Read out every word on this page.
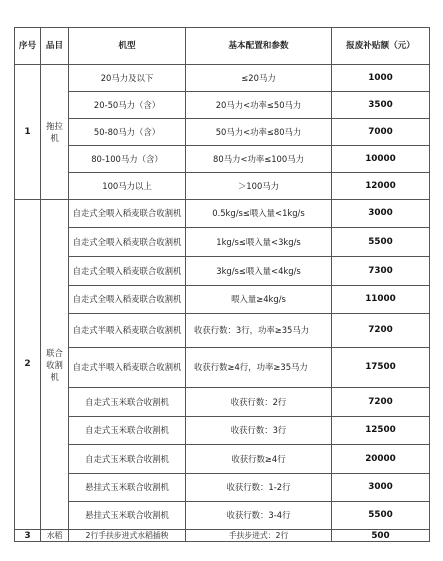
序号	品目	机型	基本配置和参数	报废补贴额（元）
1	拖拉机	20马力及以下	≤20马力	1000
		20-50马力（含）	20马力<功率≤50马力	3500
		50-80马力（含）	50马力<功率≤80马力	7000
		80-100马力（含）	80马力<功率≤100马力	10000
		100马力以上	＞100马力	12000
2	联合收割机	自走式全喂入稻麦联合收割机	0.5kg/s≤喂入量<1kg/s	3000
		自走式全喂入稻麦联合收割机	1kg/s≤喂入量<3kg/s	5500
		自走式全喂入稻麦联合收割机	3kg/s≤喂入量<4kg/s	7300
		自走式全喂入稻麦联合收割机	喂入量≥4kg/s	11000
		自走式半喂入稻麦联合收割机	收获行数：3行，功率≥35马力	7200
		自走式半喂入稻麦联合收割机	收获行数≥4行，功率≥35马力	17500
		自走式玉米联合收割机	收获行数：2行	7200
		自走式玉米联合收割机	收获行数：3行	12500
		自走式玉米联合收割机	收获行数≥4行	20000
		悬挂式玉米联合收割机	收获行数：1-2行	3000
		悬挂式玉米联合收割机	收获行数：3-4行	5500
3	水稻	2行手扶步进式水稻插秧	手扶步进式：2行	500
